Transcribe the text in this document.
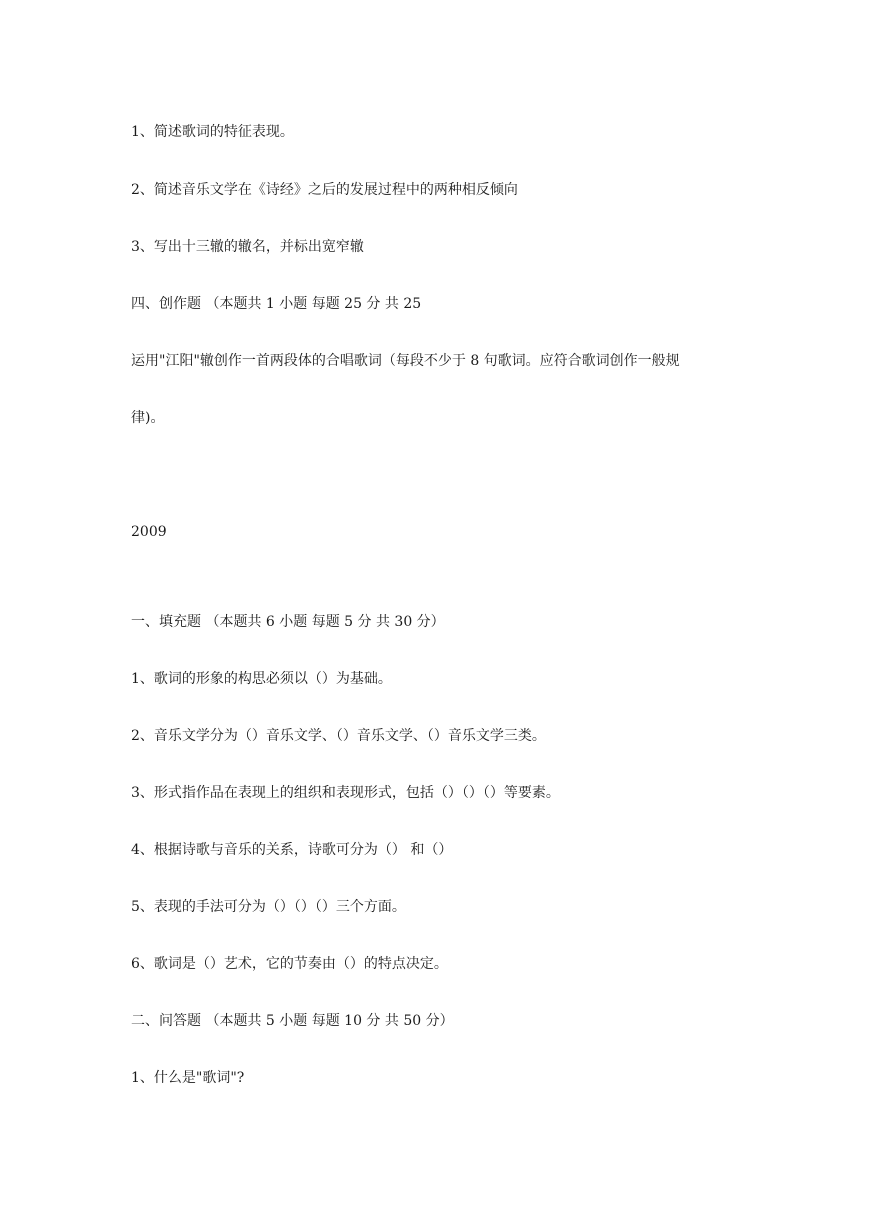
1、简述歌词的特征表现。
2、简述音乐文学在《诗经》之后的发展过程中的两种相反倾向
3、写出十三辙的辙名，并标出宽窄辙
四、创作题 （本题共 1 小题 每题 25 分 共 25
运用"江阳"辙创作一首两段体的合唱歌词（每段不少于 8 句歌词。应符合歌词创作一般规
律)。
2009
一、填充题 （本题共 6 小题 每题 5 分 共 30 分）
1、歌词的形象的构思必须以（）为基础。
2、音乐文学分为（）音乐文学、（）音乐文学、（）音乐文学三类。
3、形式指作品在表现上的组织和表现形式，包括（）（）（）等要素。
4、根据诗歌与音乐的关系，诗歌可分为（） 和（）
5、表现的手法可分为（）（）（）三个方面。
6、歌词是（）艺术，它的节奏由（）的特点决定。
二、问答题 （本题共 5 小题 每题 10 分 共 50 分）
1、什么是"歌词"?
